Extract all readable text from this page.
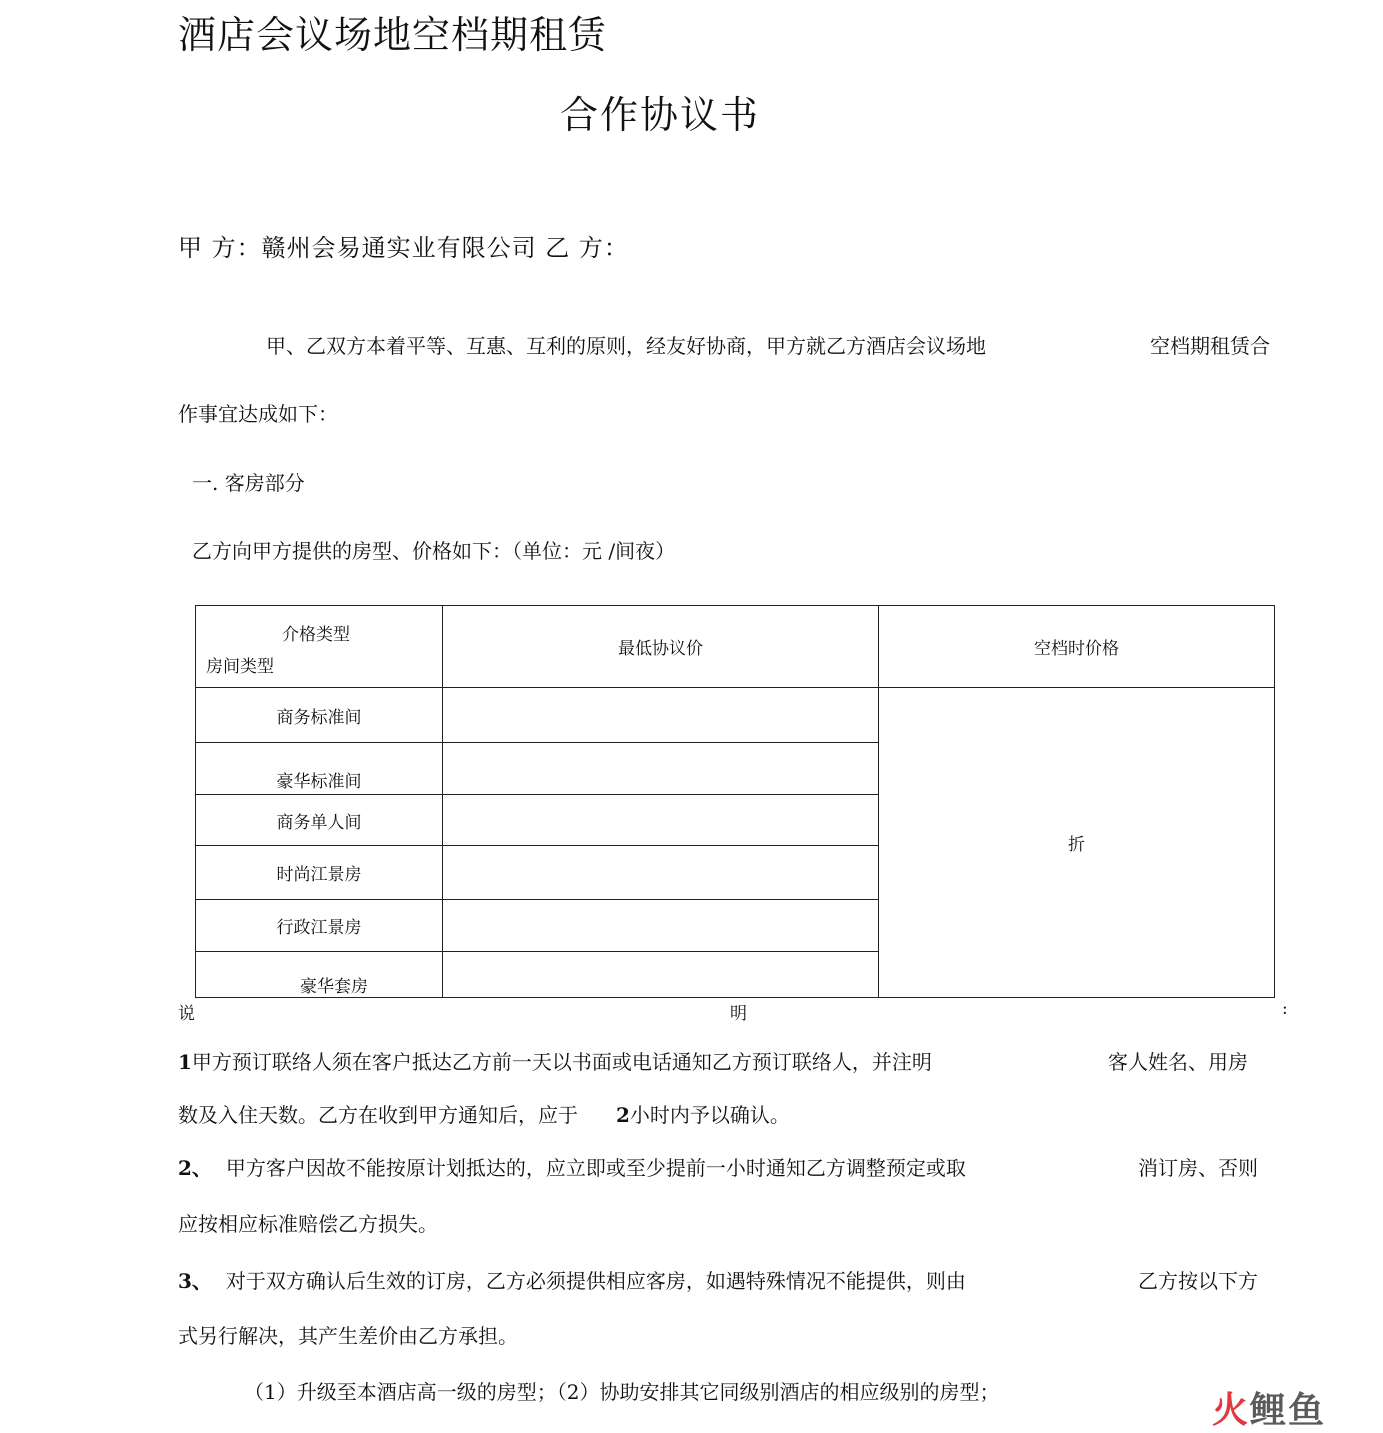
酒店会议场地空档期租赁
合作协议书
甲 方：赣州会易通实业有限公司 乙 方：
甲、乙双方本着平等、互惠、互利的原则，经友好协商，甲方就乙方酒店会议场地	空档期租赁合
作事宜达成如下：
一. 客房部分
乙方向甲方提供的房型、价格如下：（单位：元 /间夜）
介格类型
房间类型	最低协议价	空档时价格
商务标准间		折
豪华标准间		
商务单人间		
时尚江景房		
行政江景房		
豪华套房		
说	明	:
1甲方预订联络人须在客户抵达乙方前一天以书面或电话通知乙方预订联络人，并注明	客人姓名、用房
数及入住天数。乙方在收到甲方通知后，应于 2小时内予以确认。
2、 甲方客户因故不能按原计划抵达的，应立即或至少提前一小时通知乙方调整预定或取	消订房、否则
应按相应标准赔偿乙方损失。
3、 对于双方确认后生效的订房，乙方必须提供相应客房，如遇特殊情况不能提供，则由	乙方按以下方
式另行解决，其产生差价由乙方承担。
（1）升级至本酒店高一级的房型；（2）协助安排其它同级别酒店的相应级别的房型；	火鲤鱼
